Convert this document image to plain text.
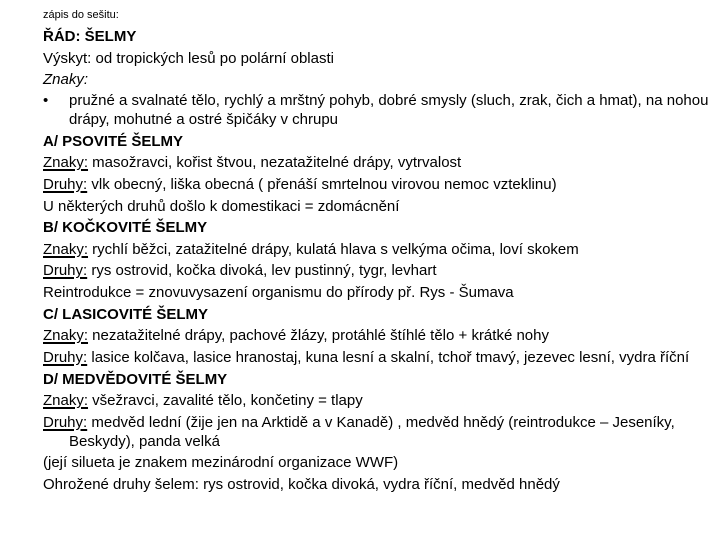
zápis do sešitu:
ŘÁD: ŠELMY
Výskyt: od tropických lesů po polární oblasti
Znaky:
•	pružné a svalnaté tělo, rychlý a mrštný pohyb, dobré smysly (sluch, zrak, čich a hmat), na nohou drápy, mohutné a ostré špičáky v chrupu
A/ PSOVITÉ ŠELMY
Znaky: masožravci, kořist štvou, nezatažitelné drápy, vytrvalost
Druhy: vlk obecný, liška obecná ( přenáší smrtelnou virovou nemoc vzteklinu)
U některých druhů došlo k domestikaci = zdomácnění
B/ KOČKOVITÉ ŠELMY
Znaky: rychlí běžci, zatažitelné drápy, kulatá hlava s velkýma očima, loví skokem
Druhy: rys ostrovid, kočka divoká, lev pustinný, tygr, levhart
Reintrodukce = znovuvysazení organismu do přírody př. Rys - Šumava
C/ LASICOVITÉ ŠELMY
Znaky: nezatažitelné drápy, pachové žlázy, protáhlé štíhlé tělo + krátké nohy
Druhy: lasice kolčava, lasice hranostaj, kuna lesní a skalní, tchoř tmavý, jezevec lesní, vydra říční
D/ MEDVĚDOVITÉ ŠELMY
Znaky: všežravci, zavalité tělo, končetiny = tlapy
Druhy: medvěd lední (žije jen na Arktidě a v Kanadě) , medvěd hnědý (reintrodukce – Jeseníky, Beskydy), panda velká
(její silueta je znakem mezinárodní organizace WWF)
Ohrožené druhy šelem: rys ostrovid, kočka divoká, vydra říční, medvěd hnědý
